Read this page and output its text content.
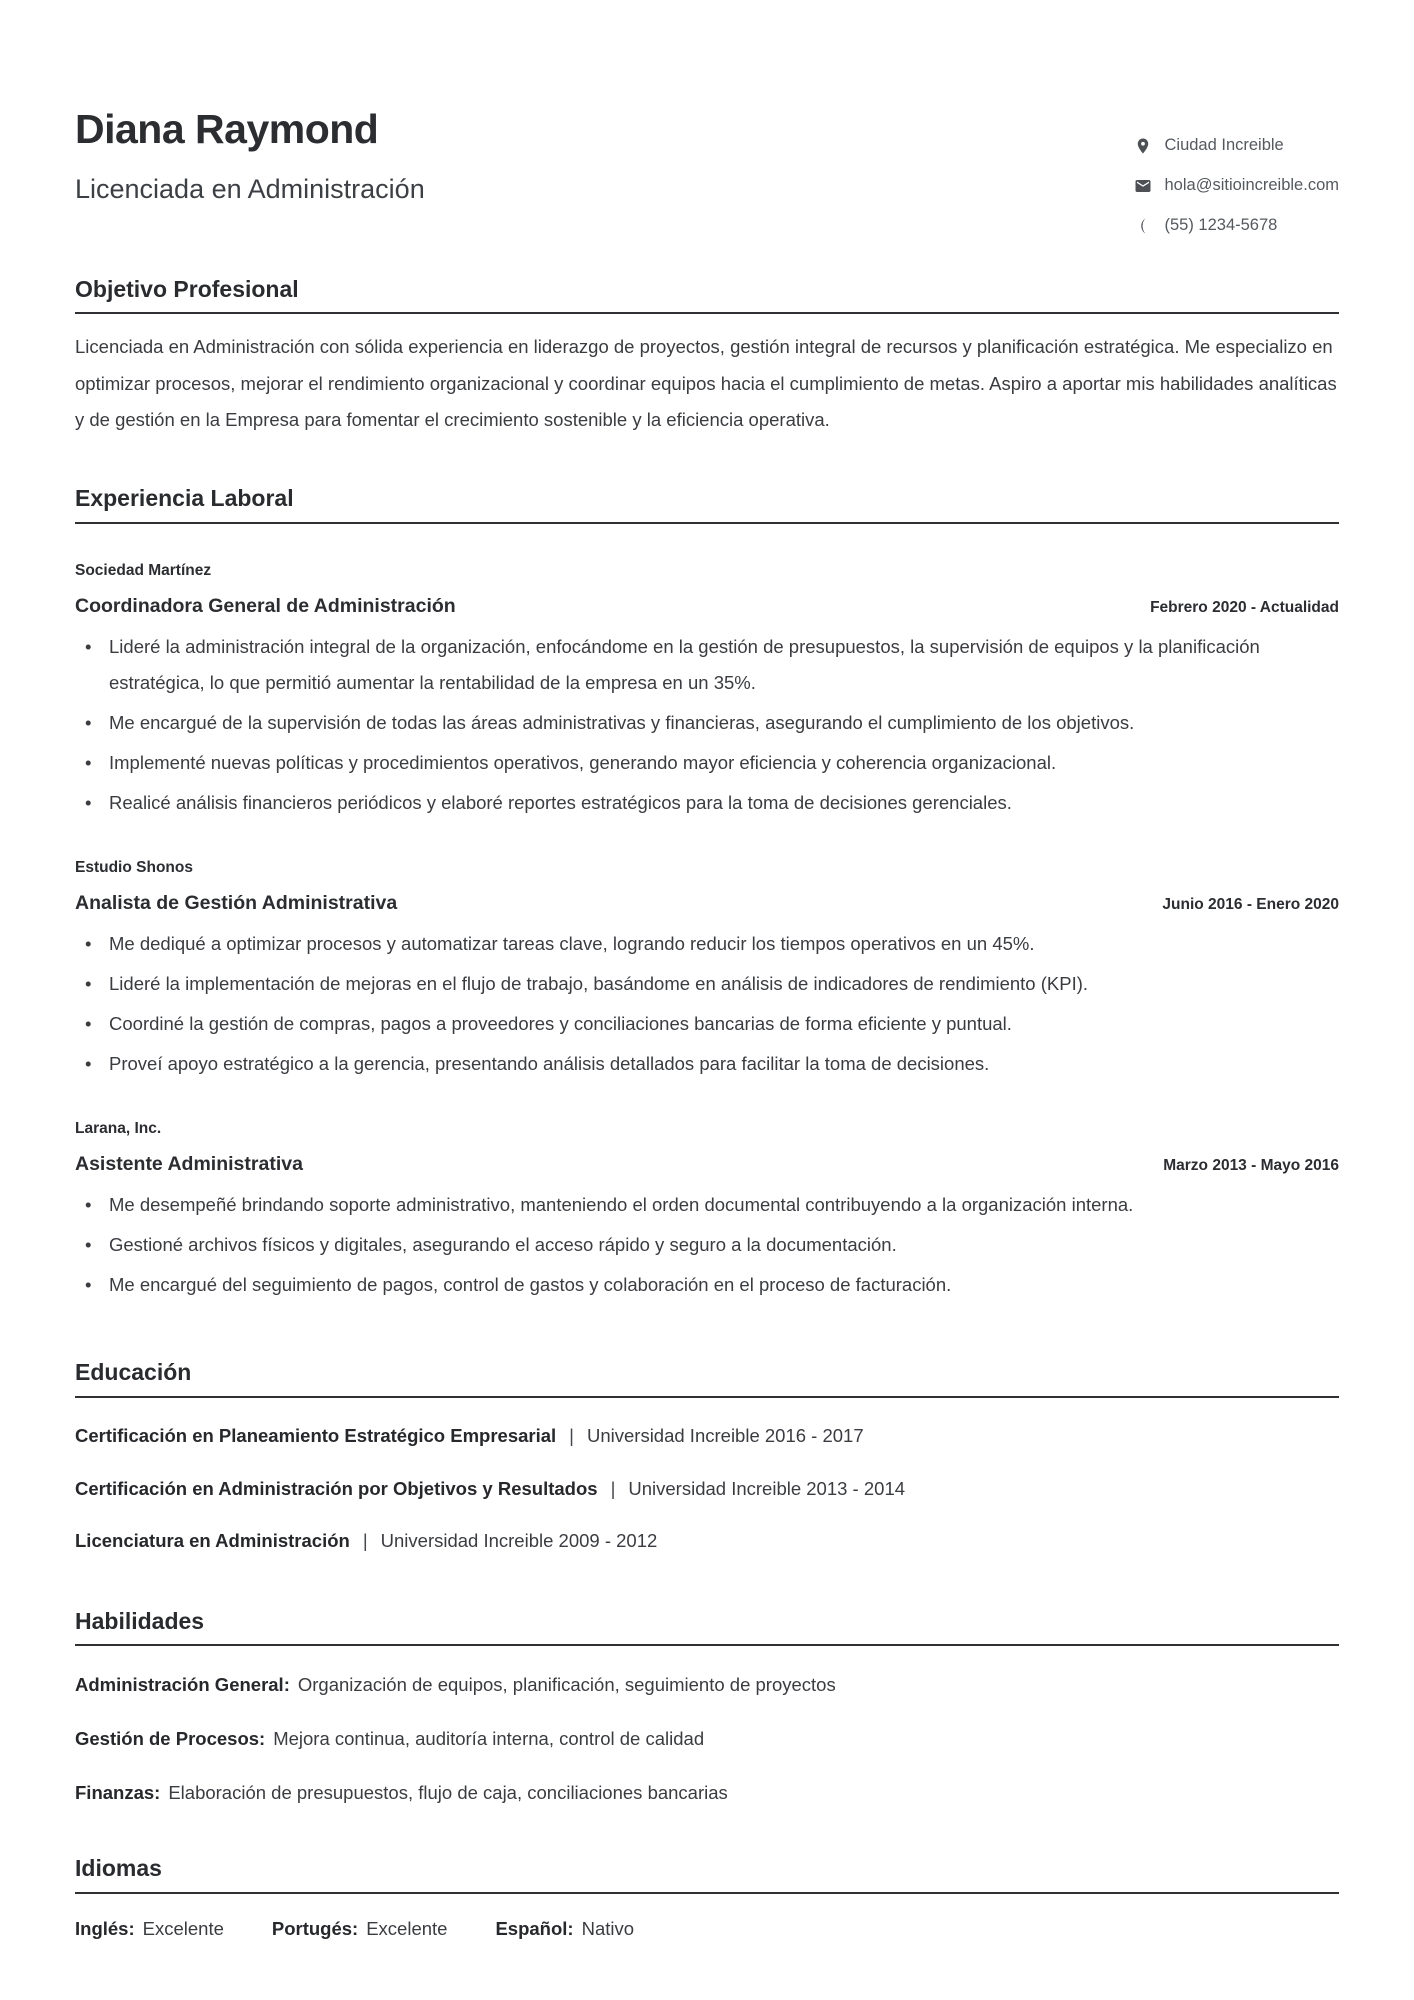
Diana Raymond

Licenciada en Administración

Ciudad Increible
hola@sitioincreible.com
(55) 1234-5678
Objetivo Profesional

Licenciada en Administración con sólida experiencia en liderazgo de proyectos, gestión integral de recursos y planificación estratégica. Me especializo en optimizar procesos, mejorar el rendimiento organizacional y coordinar equipos hacia el cumplimiento de metas. Aspiro a aportar mis habilidades analíticas y de gestión en la Empresa para fomentar el crecimiento sostenible y la eficiencia operativa.

Experiencia Laboral

Sociedad Martínez

Coordinadora General de Administración	Febrero 2020 - Actualidad
• Lideré la administración integral de la organización, enfocándome en la gestión de presupuestos, la supervisión de equipos y la planificación estratégica, lo que permitió aumentar la rentabilidad de la empresa en un 35%.
• Me encargué de la supervisión de todas las áreas administrativas y financieras, asegurando el cumplimiento de los objetivos.
• Implementé nuevas políticas y procedimientos operativos, generando mayor eficiencia y coherencia organizacional.
• Realicé análisis financieros periódicos y elaboré reportes estratégicos para la toma de decisiones gerenciales.

Estudio Shonos

Analista de Gestión Administrativa	Junio 2016 - Enero 2020
• Me dediqué a optimizar procesos y automatizar tareas clave, logrando reducir los tiempos operativos en un 45%.
• Lideré la implementación de mejoras en el flujo de trabajo, basándome en análisis de indicadores de rendimiento (KPI).
• Coordiné la gestión de compras, pagos a proveedores y conciliaciones bancarias de forma eficiente y puntual.
• Proveí apoyo estratégico a la gerencia, presentando análisis detallados para facilitar la toma de decisiones.

Larana, Inc.

Asistente Administrativa	Marzo 2013 - Mayo 2016
• Me desempeñé brindando soporte administrativo, manteniendo el orden documental contribuyendo a la organización interna.
• Gestioné archivos físicos y digitales, asegurando el acceso rápido y seguro a la documentación.
• Me encargué del seguimiento de pagos, control de gastos y colaboración en el proceso de facturación.
Educación

Certificación en Planeamiento Estratégico Empresarial | Universidad Increible 2016 - 2017

Certificación en Administración por Objetivos y Resultados | Universidad Increible 2013 - 2014

Licenciatura en Administración | Universidad Increible 2009 - 2012

Habilidades

Administración General: Organización de equipos, planificación, seguimiento de proyectos

Gestión de Procesos: Mejora continua, auditoría interna, control de calidad

Finanzas: Elaboración de presupuestos, flujo de caja, conciliaciones bancarias

Idiomas

Inglés: Excelente	Portugés: Excelente	Español: Nativo
